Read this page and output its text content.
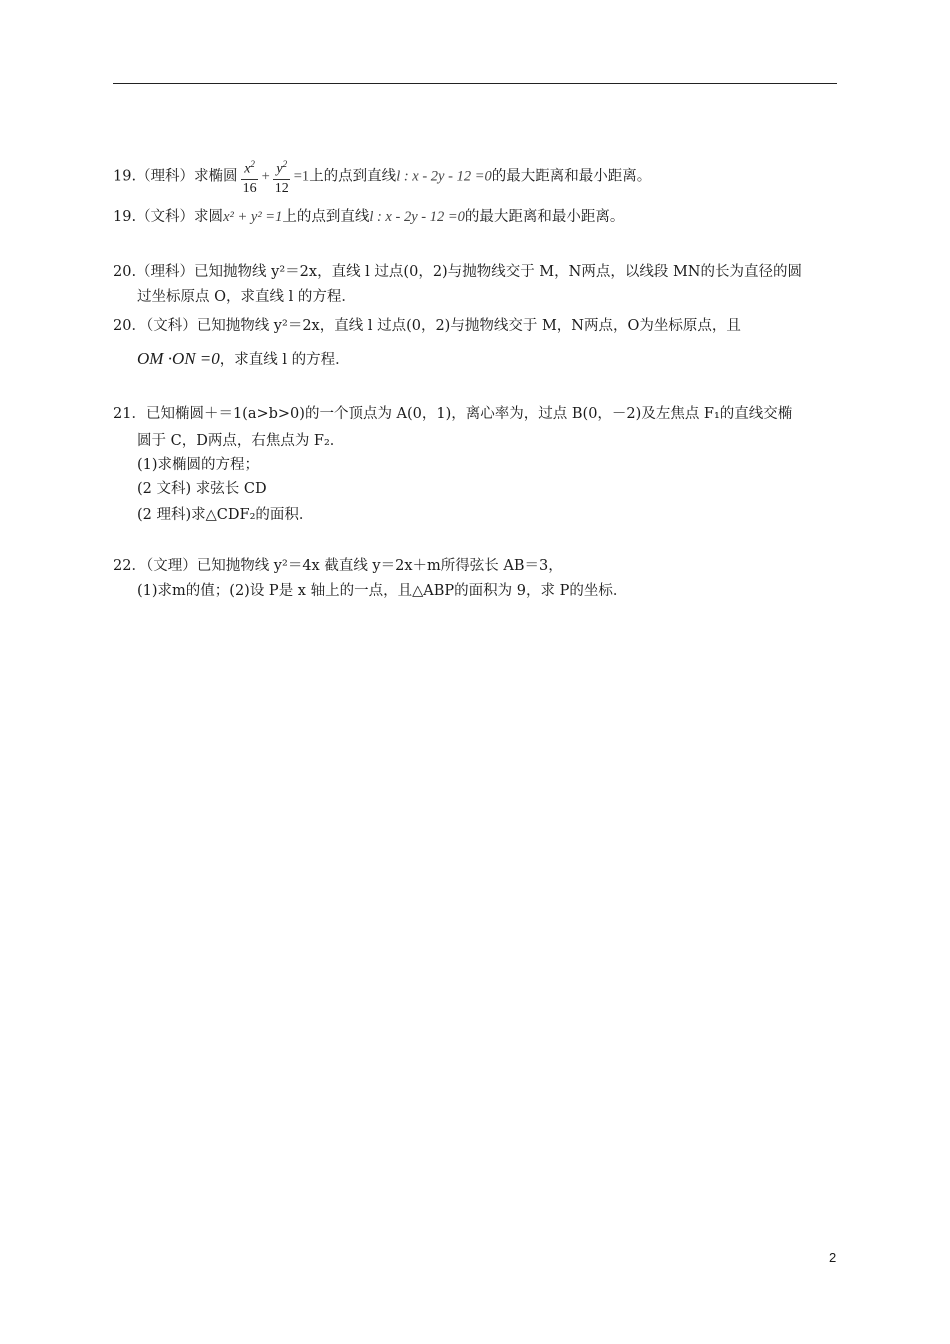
19.（理科）求椭圆 $\frac{x^2}{16} + \frac{y^2}{12} =1$上的点到直线l : x - 2y - 12 =0的最大距离和最小距离。
19.（文科）求圆x² + y² =1上的点到直线l : x - 2y - 12 =0的最大距离和最小距离。
20.（理科）已知抛物线 y²＝2x，直线 l 过点(0，2)与抛物线交于 M，N两点，以线段 MN的长为直径的圆
过坐标原点 O，求直线 l 的方程．
20．（文科）已知抛物线 y²＝2x，直线 l 过点(0，2)与抛物线交于 M，N两点，O为坐标原点，且
OM ·ON =0，求直线 l 的方程．
21．已知椭圆＋＝1(a>b>0)的一个顶点为 A(0，1)，离心率为，过点 B(0，－2)及左焦点 F₁的直线交椭
圆于 C，D两点，右焦点为 F₂．
(1)求椭圆的方程；
(2 文科) 求弦长 CD
(2 理科)求△CDF₂的面积．
22．（文理）已知抛物线 y²＝4x 截直线 y＝2x＋m所得弦长 AB＝3，
(1)求m的值；(2)设 P是 x 轴上的一点，且△ABP的面积为 9，求 P的坐标．
2
